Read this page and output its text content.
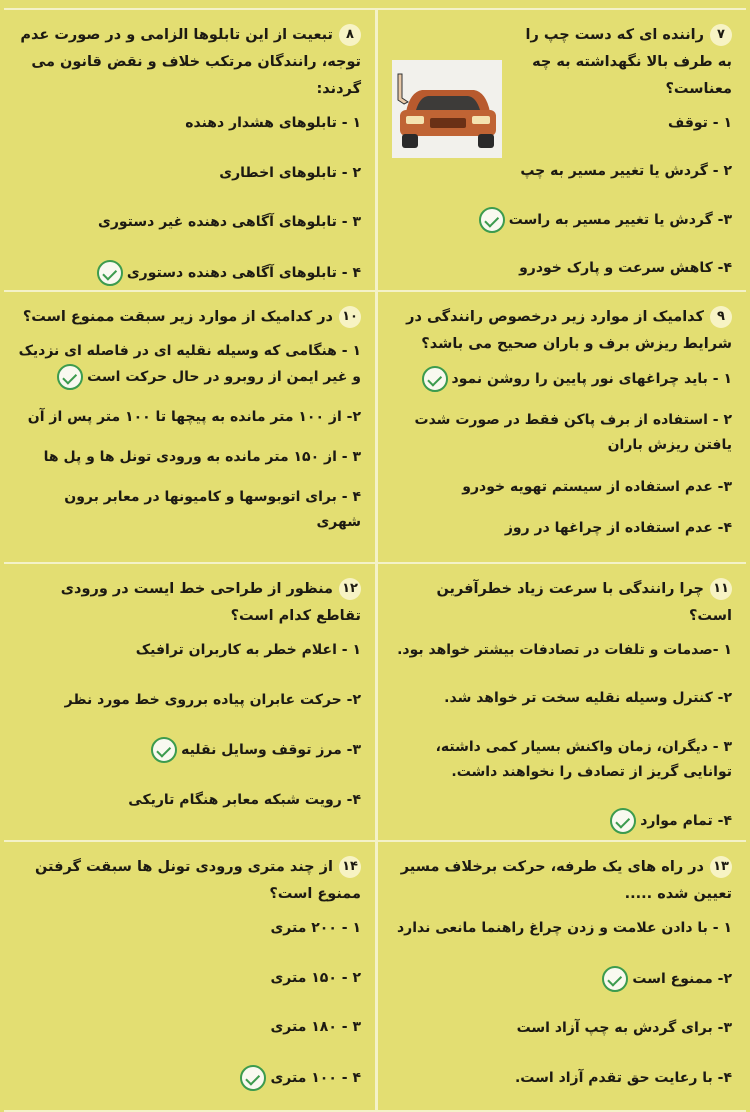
۷راننده ای که دست چپ را به طرف بالا نگهداشته به چه معناست؟

۱ - توقف
۲ - گردش یا تغییر مسیر به چپ
۳- گردش یا تغییر مسیر به راست
۴- کاهش سرعت و پارک خودرو

۸تبعیت از این تابلوها الزامی و در صورت عدم توجه، رانندگان مرتکب خلاف و نقض قانون می گردند:

۱ - تابلوهای هشدار دهنده
۲ - تابلوهای اخطاری
۳ - تابلوهای آگاهی دهنده غیر دستوری
۴ - تابلوهای آگاهی دهنده دستوری

۹کدامیک از موارد زیر درخصوص رانندگی در شرایط ریزش برف و باران صحیح می باشد؟

۱ - باید چراغهای نور پایین را روشن نمود
۲ - استفاده از برف پاکن فقط در صورت شدت یافتن ریزش باران
۳- عدم استفاده از سیستم تهویه خودرو
۴- عدم استفاده از چراغها در روز

۱۰در کدامیک از موارد زیر سبقت ممنوع است؟

۱ - هنگامی که وسیله نقلیه ای در فاصله ای نزدیک و غیر ایمن از روبرو در حال حرکت است
۲- از ۱۰۰ متر مانده به پیچها تا ۱۰۰ متر پس از آن
۳ - از ۱۵۰ متر مانده به ورودی تونل ها و پل ها
۴ - برای اتوبوسها و کامیونها در معابر برون شهری

۱۱چرا رانندگی با سرعت زیاد خطرآفرین است؟

۱ -صدمات و تلفات در تصادفات بیشتر خواهد بود.
۲- کنترل وسیله نقلیه سخت تر خواهد شد.
۳ - دیگران، زمان واکنش بسیار کمی داشته، توانایی گریز از تصادف را نخواهند داشت.
۴- تمام موارد

۱۲منظور از طراحی خط ایست در ورودی تقاطع کدام است؟

۱ - اعلام خطر به کاربران ترافیک
۲- حرکت عابران پیاده برروی خط مورد نظر
۳- مرز توقف وسایل نقلیه
۴- رویت شبکه معابر هنگام تاریکی

۱۳در راه های یک طرفه، حرکت برخلاف مسیر تعیین شده .....

۱ - با دادن علامت و زدن چراغ راهنما مانعی ندارد
۲- ممنوع است
۳- برای گردش به چپ آزاد است
۴- با رعایت حق تقدم آزاد است.

۱۴از چند متری ورودی تونل ها سبقت گرفتن ممنوع است؟

۱ - ۲۰۰ متری
۲ - ۱۵۰ متری
۳ - ۱۸۰ متری
۴ - ۱۰۰ متری
